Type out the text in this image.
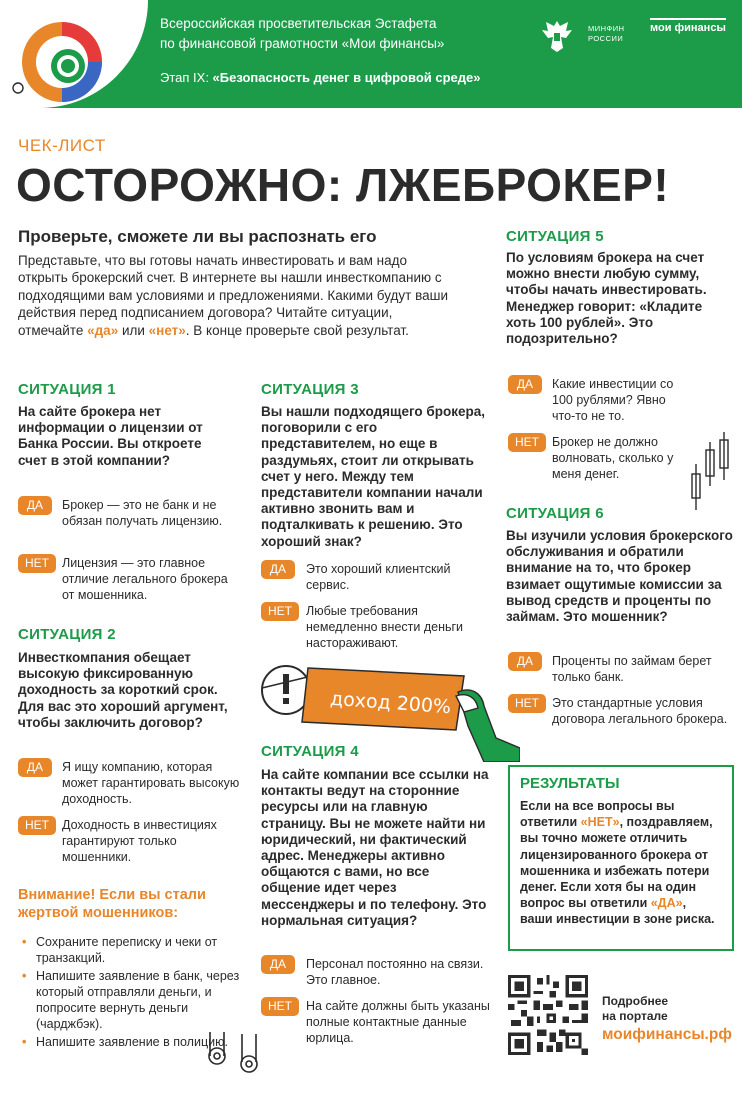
Всероссийская просветительская Эстафета
по финансовой грамотности «Мои финансы»
Этап IX: «Безопасность денег в цифровой среде»
МИНФИН
РОССИИ
мои финансы
ЧЕК-ЛИСТ
ОСТОРОЖНО: ЛЖЕБРОКЕР!
Проверьте, сможете ли вы распознать его
Представьте, что вы готовы начать инвестировать и вам надо открыть брокерский счет. В интернете вы нашли инвесткомпанию с подходящими вам условиями и предложениями. Какими будут ваши действия перед подписанием договора? Читайте ситуации, отмечайте «да» или «нет». В конце проверьте свой результат.
СИТУАЦИЯ 1
На сайте брокера нет информации о лицензии от Банка России. Вы откроете счет в этой компании?
ДА	Брокер — это не банк и не обязан получать лицензию.
НЕТ	Лицензия — это главное отличие легального брокера от мошенника.
СИТУАЦИЯ 2
Инвесткомпания обещает высокую фиксированную доходность за короткий срок. Для вас это хороший аргумент, чтобы заключить договор?
ДА	Я ищу компанию, которая может гарантировать высокую доходность.
НЕТ	Доходность в инвестициях гарантируют только мошенники.
Внимание! Если вы стали жертвой мошенников:
• Сохраните переписку и чеки от транзакций.
• Напишите заявление в банк, через который отправляли деньги, и попросите вернуть деньги (чарджбэк).
• Напишите заявление в полицию.
СИТУАЦИЯ 3
Вы нашли подходящего брокера, поговорили с его представителем, но еще в раздумьях, стоит ли открывать счет у него. Между тем представители компании начали активно звонить вам и подталкивать к решению. Это хороший знак?
ДА	Это хороший клиентский сервис.
НЕТ	Любые требования немедленно внести деньги настораживают.
доход 200%
СИТУАЦИЯ 4
На сайте компании все ссылки на контакты ведут на сторонние ресурсы или на главную страницу. Вы не можете найти ни юридический, ни фактический адрес. Менеджеры активно общаются с вами, но все общение идет через мессенджеры и по телефону. Это нормальная ситуация?
ДА	Персонал постоянно на связи. Это главное.
НЕТ	На сайте должны быть указаны полные контактные данные юрлица.
СИТУАЦИЯ 5
По условиям брокера на счет можно внести любую сумму, чтобы начать инвестировать. Менеджер говорит: «Кладите хоть 100 рублей». Это подозрительно?
ДА	Какие инвестиции со 100 рублями? Явно что-то не то.
НЕТ	Брокер не должно волновать, сколько у меня денег.
СИТУАЦИЯ 6
Вы изучили условия брокерского обслуживания и обратили внимание на то, что брокер взимает ощутимые комиссии за вывод средств и проценты по займам. Это мошенник?
ДА	Проценты по займам берет только банк.
НЕТ	Это стандартные условия договора легального брокера.
РЕЗУЛЬТАТЫ
Если на все вопросы вы ответили «НЕТ», поздравляем, вы точно можете отличить лицензированного брокера от мошенника и избежать потери денег. Если хотя бы на один вопрос вы ответили «ДА», ваши инвестиции в зоне риска.
Подробнее
на портале
моифинансы.рф
